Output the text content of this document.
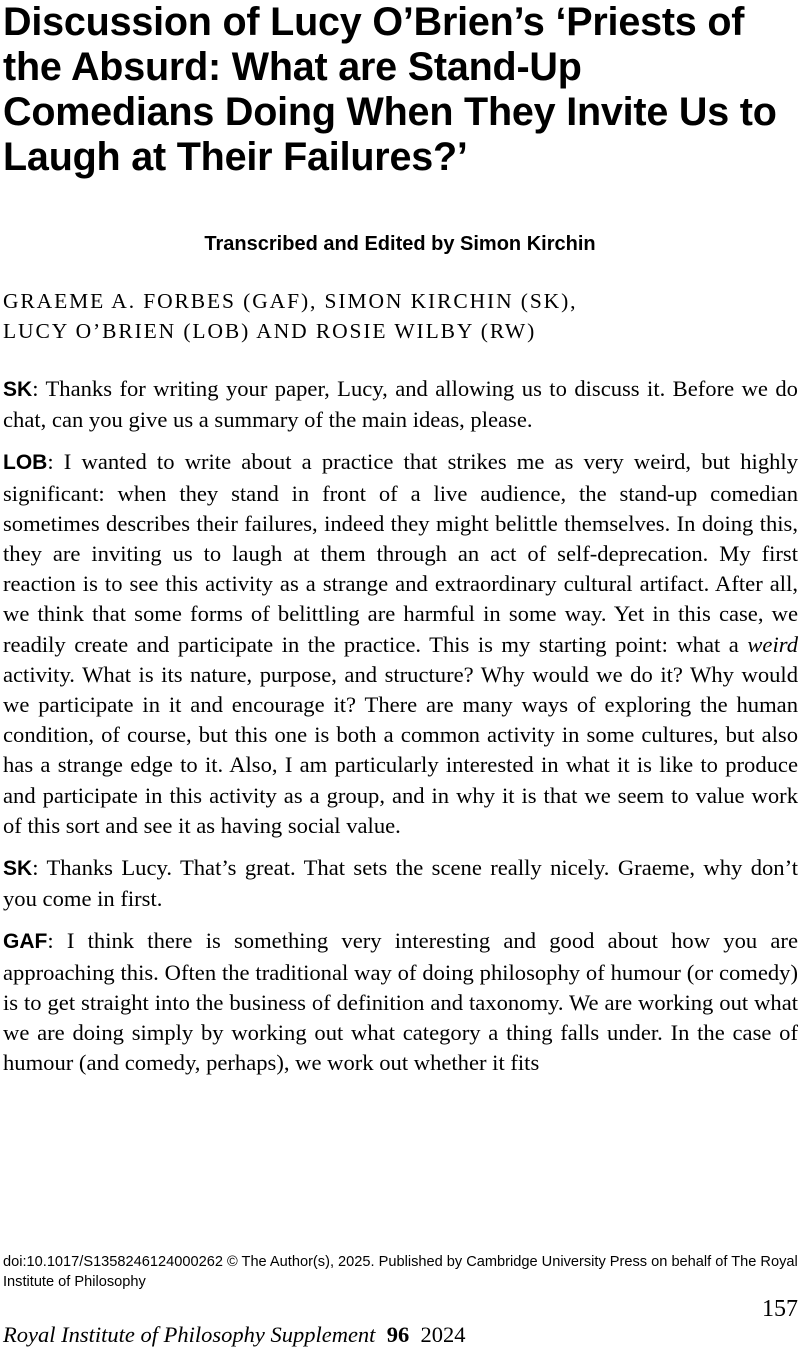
Discussion of Lucy O’Brien’s ‘Priests of the Absurd: What are Stand-Up Comedians Doing When They Invite Us to Laugh at Their Failures?’
Transcribed and Edited by Simon Kirchin
GRAEME A. FORBES (GAF), SIMON KIRCHIN (SK),
LUCY O’BRIEN (LOB) AND ROSIE WILBY (RW)

SK: Thanks for writing your paper, Lucy, and allowing us to discuss it. Before we do chat, can you give us a summary of the main ideas, please.

LOB: I wanted to write about a practice that strikes me as very weird, but highly significant: when they stand in front of a live audience, the stand-up comedian sometimes describes their failures, indeed they might belittle themselves. In doing this, they are inviting us to laugh at them through an act of self-deprecation. My first reaction is to see this activity as a strange and extraordinary cultural artifact. After all, we think that some forms of belittling are harmful in some way. Yet in this case, we readily create and participate in the practice. This is my starting point: what a weird activity. What is its nature, purpose, and structure? Why would we do it? Why would we participate in it and encourage it? There are many ways of exploring the human condition, of course, but this one is both a common activity in some cultures, but also has a strange edge to it. Also, I am particularly interested in what it is like to produce and participate in this activity as a group, and in why it is that we seem to value work of this sort and see it as having social value.

SK: Thanks Lucy. That’s great. That sets the scene really nicely. Graeme, why don’t you come in first.

GAF: I think there is something very interesting and good about how you are approaching this. Often the traditional way of doing philosophy of humour (or comedy) is to get straight into the business of definition and taxonomy. We are working out what we are doing simply by working out what category a thing falls under. In the case of humour (and comedy, perhaps), we work out whether it fits

doi:10.1017/S1358246124000262 © The Author(s), 2025. Published by Cambridge University Press on behalf of The Royal Institute of Philosophy
157
Royal Institute of Philosophy Supplement 96 2024
